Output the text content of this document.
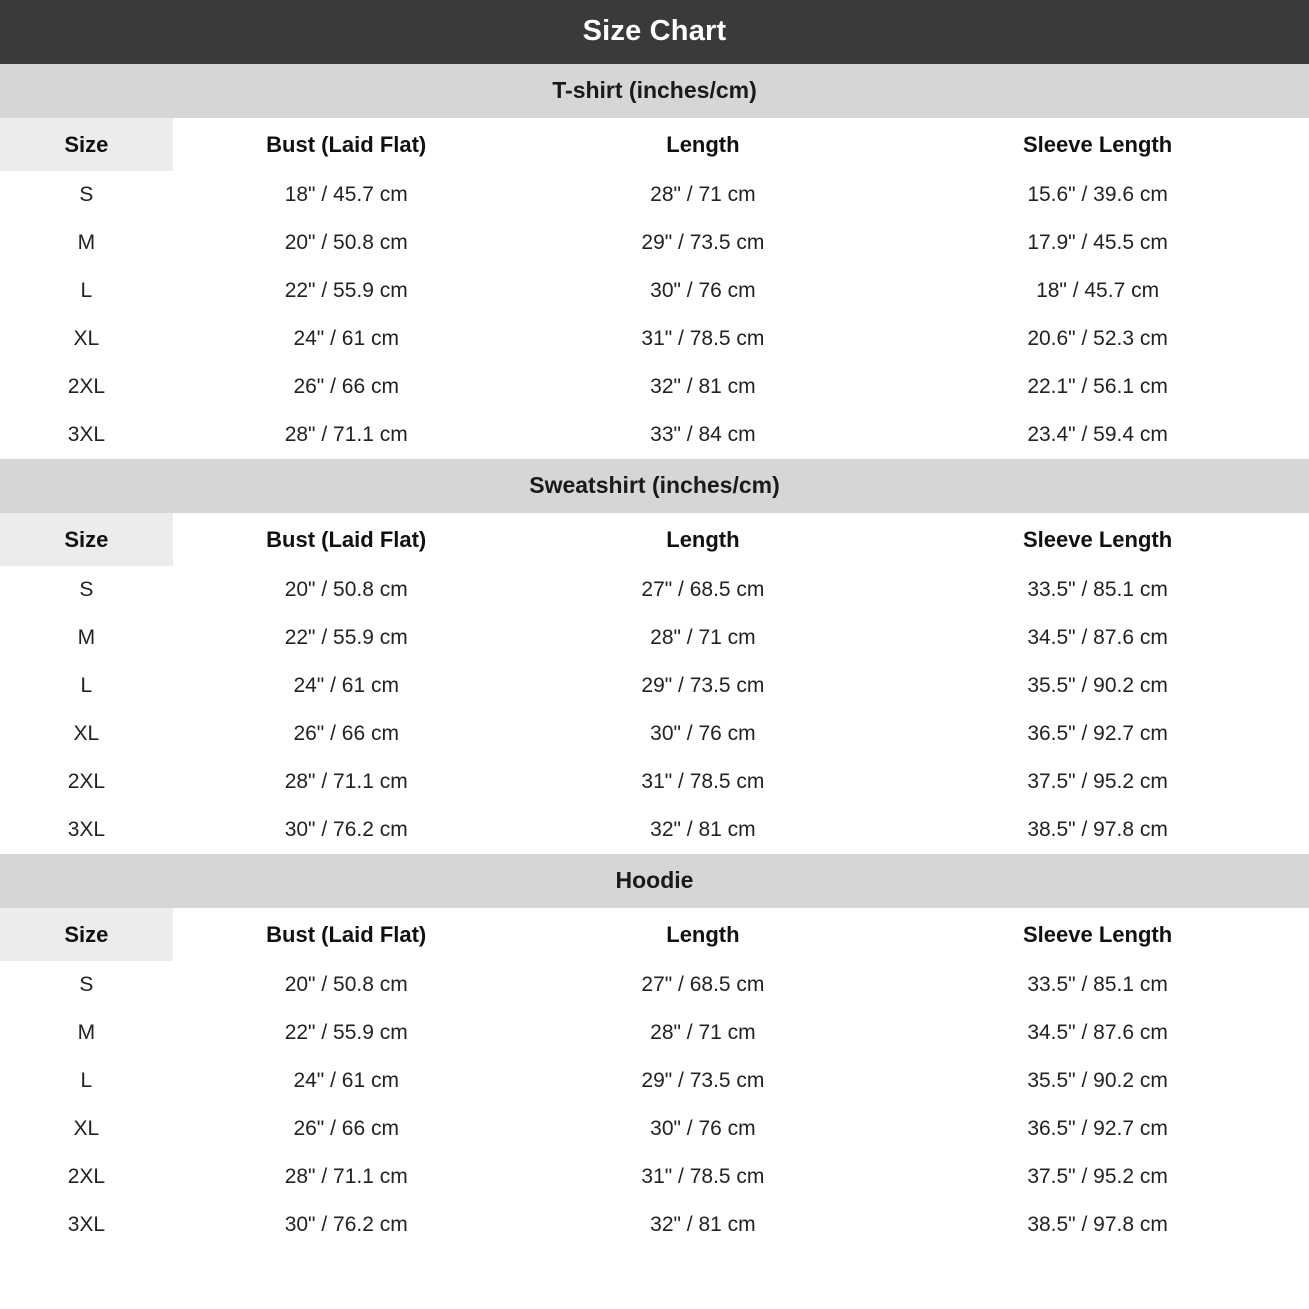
Size Chart
T-shirt (inches/cm)
Size	Bust (Laid Flat)	Length	Sleeve Length
S	18" / 45.7 cm	28" / 71 cm	15.6" / 39.6 cm
M	20" / 50.8 cm	29" / 73.5 cm	17.9" / 45.5 cm
L	22" / 55.9 cm	30" / 76 cm	18" / 45.7 cm
XL	24" / 61 cm	31" / 78.5 cm	20.6" / 52.3 cm
2XL	26" / 66 cm	32" / 81 cm	22.1" / 56.1 cm
3XL	28" / 71.1 cm	33" / 84 cm	23.4" / 59.4 cm
Sweatshirt (inches/cm)
Size	Bust (Laid Flat)	Length	Sleeve Length
S	20" / 50.8 cm	27" / 68.5 cm	33.5" / 85.1 cm
M	22" / 55.9 cm	28" / 71 cm	34.5" / 87.6 cm
L	24" / 61 cm	29" / 73.5 cm	35.5" / 90.2 cm
XL	26" / 66 cm	30" / 76 cm	36.5" / 92.7 cm
2XL	28" / 71.1 cm	31" / 78.5 cm	37.5" / 95.2 cm
3XL	30" / 76.2 cm	32" / 81 cm	38.5" / 97.8 cm
Hoodie
Size	Bust (Laid Flat)	Length	Sleeve Length
S	20" / 50.8 cm	27" / 68.5 cm	33.5" / 85.1 cm
M	22" / 55.9 cm	28" / 71 cm	34.5" / 87.6 cm
L	24" / 61 cm	29" / 73.5 cm	35.5" / 90.2 cm
XL	26" / 66 cm	30" / 76 cm	36.5" / 92.7 cm
2XL	28" / 71.1 cm	31" / 78.5 cm	37.5" / 95.2 cm
3XL	30" / 76.2 cm	32" / 81 cm	38.5" / 97.8 cm
